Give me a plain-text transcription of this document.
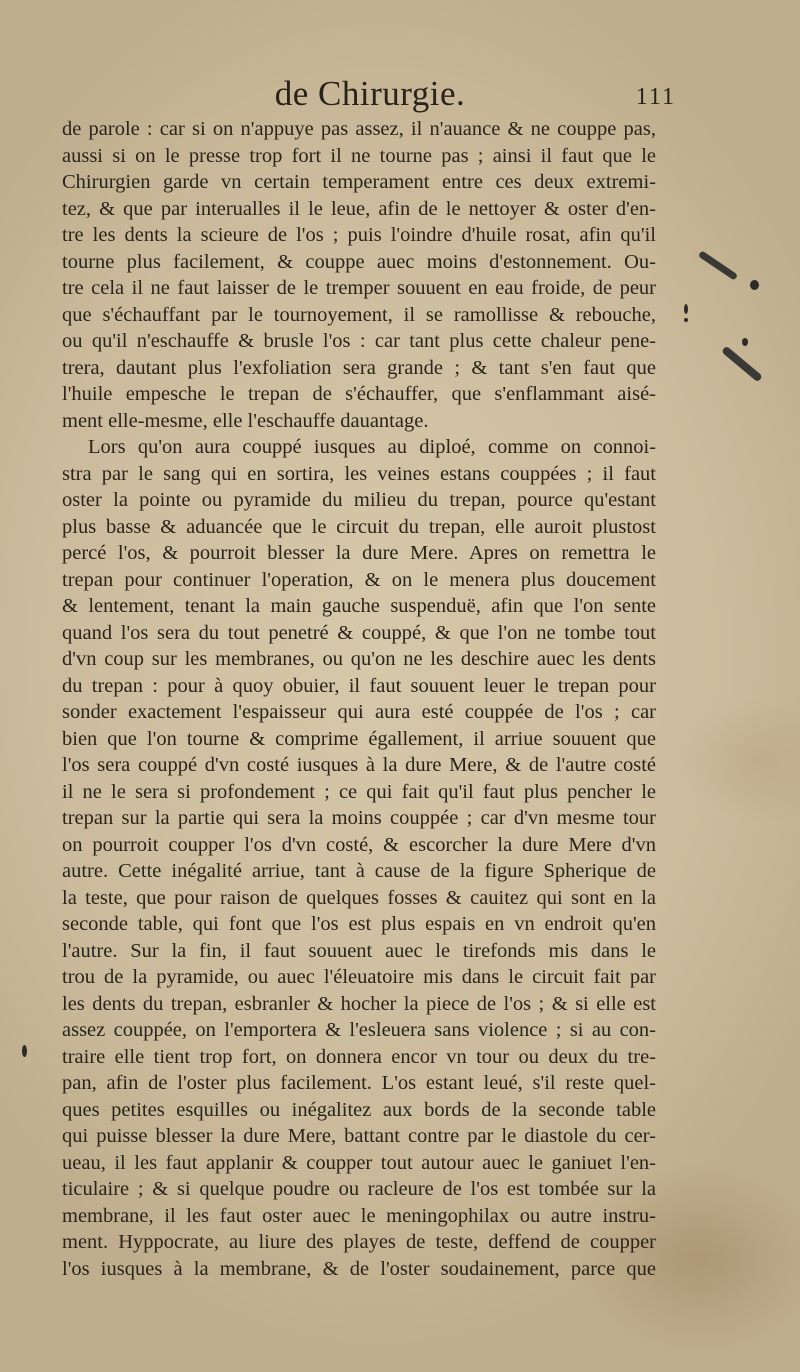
de Chirurgie.	111
de parole : car si on n'appuye pas assez, il n'auance & ne couppe pas,
aussi si on le presse trop fort il ne tourne pas ; ainsi il faut que le
Chirurgien garde vn certain temperament entre ces deux extremi-
tez, & que par interualles il le leue, afin de le nettoyer & oster d'en-
tre les dents la scieure de l'os ; puis l'oindre d'huile rosat, afin qu'il
tourne plus facilement, & couppe auec moins d'estonnement. Ou-
tre cela il ne faut laisser de le tremper souuent en eau froide, de peur
que s'échauffant par le tournoyement, il se ramollisse & rebouche,
ou qu'il n'eschauffe & brusle l'os : car tant plus cette chaleur pene-
trera, dautant plus l'exfoliation sera grande ; & tant s'en faut que
l'huile empesche le trepan de s'échauffer, que s'enflammant aisé-
ment elle-mesme, elle l'eschauffe dauantage.
Lors qu'on aura couppé iusques au diploé, comme on connoi-
stra par le sang qui en sortira, les veines estans couppées ; il faut
oster la pointe ou pyramide du milieu du trepan, pource qu'estant
plus basse & aduancée que le circuit du trepan, elle auroit plustost
percé l'os, & pourroit blesser la dure Mere. Apres on remettra le
trepan pour continuer l'operation, & on le menera plus doucement
& lentement, tenant la main gauche suspenduë, afin que l'on sente
quand l'os sera du tout penetré & couppé, & que l'on ne tombe tout
d'vn coup sur les membranes, ou qu'on ne les deschire auec les dents
du trepan : pour à quoy obuier, il faut souuent leuer le trepan pour
sonder exactement l'espaisseur qui aura esté couppée de l'os ; car
bien que l'on tourne & comprime égallement, il arriue souuent que
l'os sera couppé d'vn costé iusques à la dure Mere, & de l'autre costé
il ne le sera si profondement ; ce qui fait qu'il faut plus pencher le
trepan sur la partie qui sera la moins couppée ; car d'vn mesme tour
on pourroit coupper l'os d'vn costé, & escorcher la dure Mere d'vn
autre. Cette inégalité arriue, tant à cause de la figure Spherique de
la teste, que pour raison de quelques fosses & cauitez qui sont en la
seconde table, qui font que l'os est plus espais en vn endroit qu'en
l'autre. Sur la fin, il faut souuent auec le tirefonds mis dans le
trou de la pyramide, ou auec l'éleuatoire mis dans le circuit fait par
les dents du trepan, esbranler & hocher la piece de l'os ; & si elle est
assez couppée, on l'emportera & l'esleuera sans violence ; si au con-
traire elle tient trop fort, on donnera encor vn tour ou deux du tre-
pan, afin de l'oster plus facilement. L'os estant leué, s'il reste quel-
ques petites esquilles ou inégalitez aux bords de la seconde table
qui puisse blesser la dure Mere, battant contre par le diastole du cer-
ueau, il les faut applanir & coupper tout autour auec le ganiuet l'en-
ticulaire ; & si quelque poudre ou racleure de l'os est tombée sur la
membrane, il les faut oster auec le meningophilax ou autre instru-
ment. Hyppocrate, au liure des playes de teste, deffend de coupper
l'os iusques à la membrane, & de l'oster soudainement, parce que
